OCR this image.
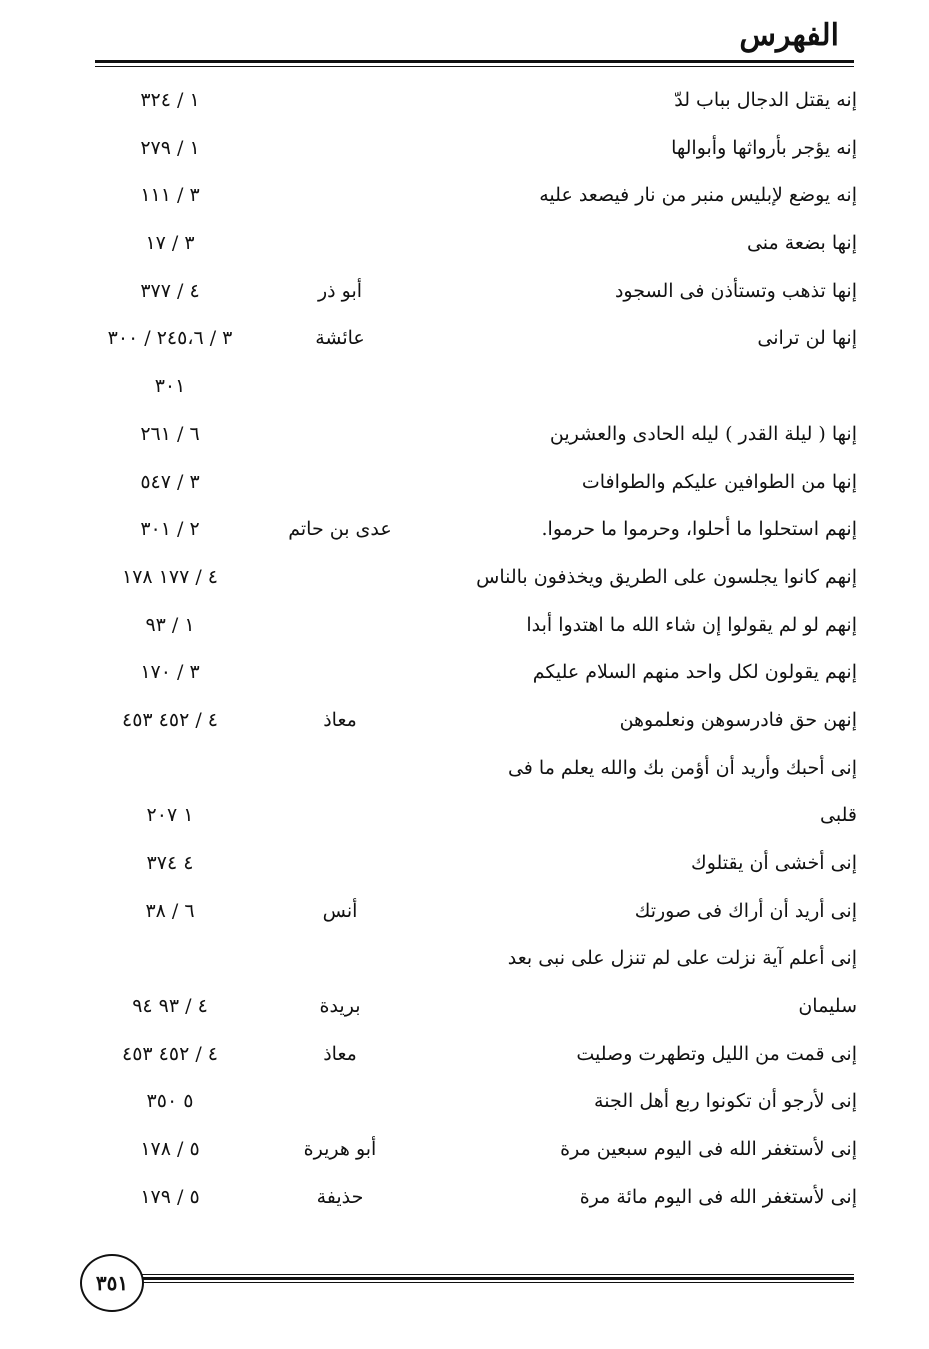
الفهرس
إنه يقتل الدجال بباب لدّ
١ / ٣٢٤
إنه يؤجر بأرواثها وأبوالها
١ / ٢٧٩
إنه يوضع لإبليس منبر من نار فيصعد عليه
٣ / ١١١
إنها بضعة منى
٣ / ١٧
إنها تذهب وتستأذن فى السجود
أبو ذر
٤ / ٣٧٧
إنها لن ترانى
عائشة
٣ / ٢٤٥،٦ / ٣٠٠
٣٠١
إنها ( ليلة القدر ) ليله الحادى والعشرين
٦ / ٢٦١
إنها من الطوافين عليكم والطوافات
٣ / ٥٤٧
إنهم استحلوا ما أحلوا، وحرموا ما حرموا.
عدى بن حاتم
٢ / ٣٠١
إنهم كانوا يجلسون على الطريق ويخذفون بالناس
٤ / ١٧٧ ١٧٨
إنهم لو لم يقولوا إن شاء الله ما اهتدوا أبدا
١ / ٩٣
إنهم يقولون لكل واحد منهم السلام عليكم
٣ / ١٧٠
إنهن حق فادرسوهن ونعلموهن
معاذ
٤ / ٤٥٢ ٤٥٣
إنى أحبك وأريد أن أؤمن بك والله يعلم ما فى
قلبى
١ ٢٠٧
إنى أخشى أن يقتلوك
٤ ٣٧٤
إنى أريد أن أراك فى صورتك
أنس
٦ / ٣٨
إنى أعلم آية نزلت على لم تنزل على نبى بعد
سليمان
بريدة
٤ / ٩٣ ٩٤
إنى قمت من الليل وتطهرت وصليت
معاذ
٤ / ٤٥٢ ٤٥٣
إنى لأرجو أن تكونوا ربع أهل الجنة
٥ ٣٥٠
إنى لأستغفر الله فى اليوم سبعين مرة
أبو هريرة
٥ / ١٧٨
إنى لأستغفر الله فى اليوم مائة مرة
حذيفة
٥ / ١٧٩
٣٥١
